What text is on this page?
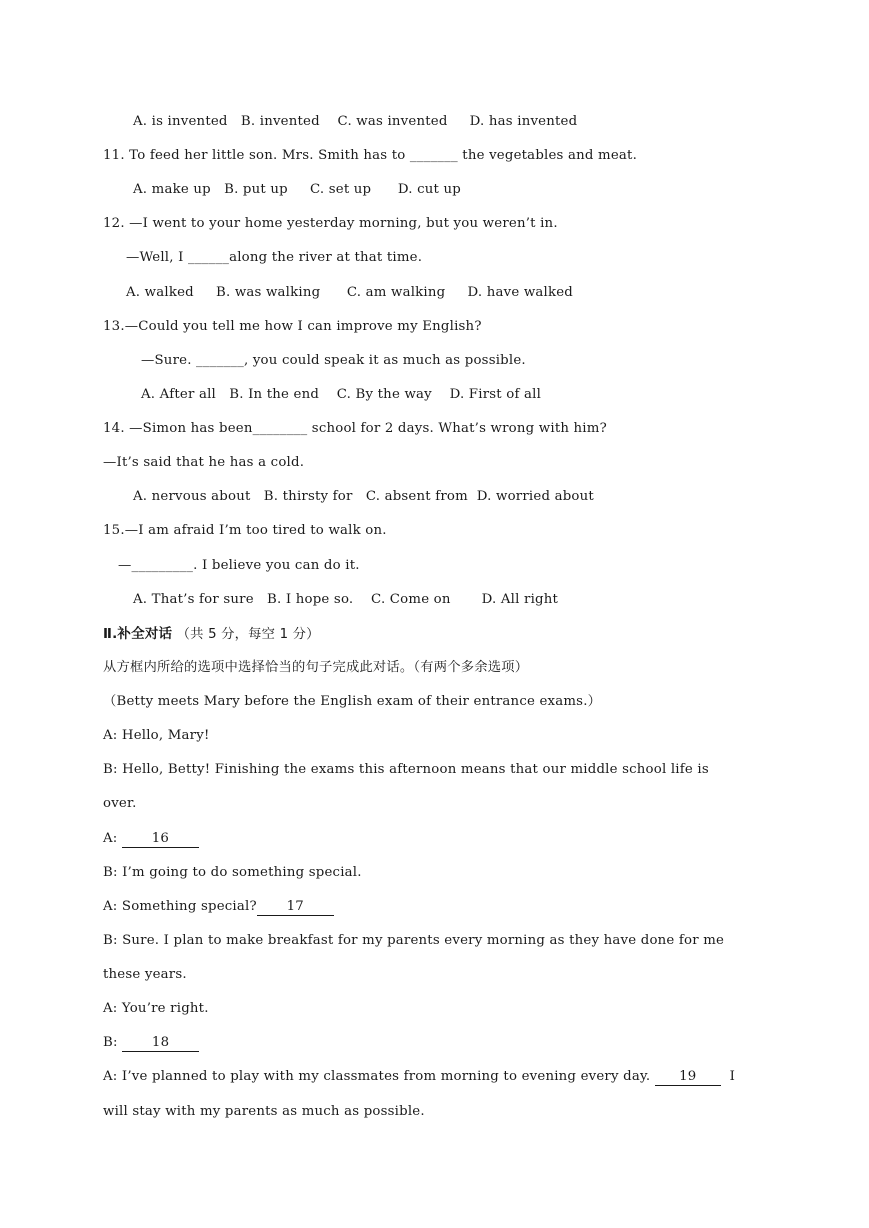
A. is invented   B. invented    C. was invented     D. has invented
11. To feed her little son. Mrs. Smith has to _______ the vegetables and meat.
A. make up   B. put up     C. set up      D. cut up
12. —I went to your home yesterday morning, but you weren’t in.
—Well, I ______along the river at that time.
A. walked     B. was walking      C. am walking     D. have walked
13.—Could you tell me how I can improve my English?
—Sure. _______, you could speak it as much as possible.
A. After all   B. In the end    C. By the way    D. First of all
14. —Simon has been________ school for 2 days. What’s wrong with him?
—It’s said that he has a cold.
A. nervous about   B. thirsty for   C. absent from  D. worried about
15.—I am afraid I’m too tired to walk on.
—_________. I believe you can do it.
A. That’s for sure   B. I hope so.    C. Come on       D. All right
Ⅱ.补全对话 （共 5 分，每空 1 分）
从方框内所给的选项中选择恰当的句子完成此对话。（有两个多余选项）
（Betty meets Mary before the English exam of their entrance exams.）
A: Hello, Mary!
B: Hello, Betty! Finishing the exams this afternoon means that our middle school life is
over.
A: 16
B: I’m going to do something special.
A: Something special? 17
B: Sure. I plan to make breakfast for my parents every morning as they have done for me
these years.
A: You’re right.
B: 18
A: I’ve planned to play with my classmates from morning to evening every day. 19 I
will stay with my parents as much as possible.
